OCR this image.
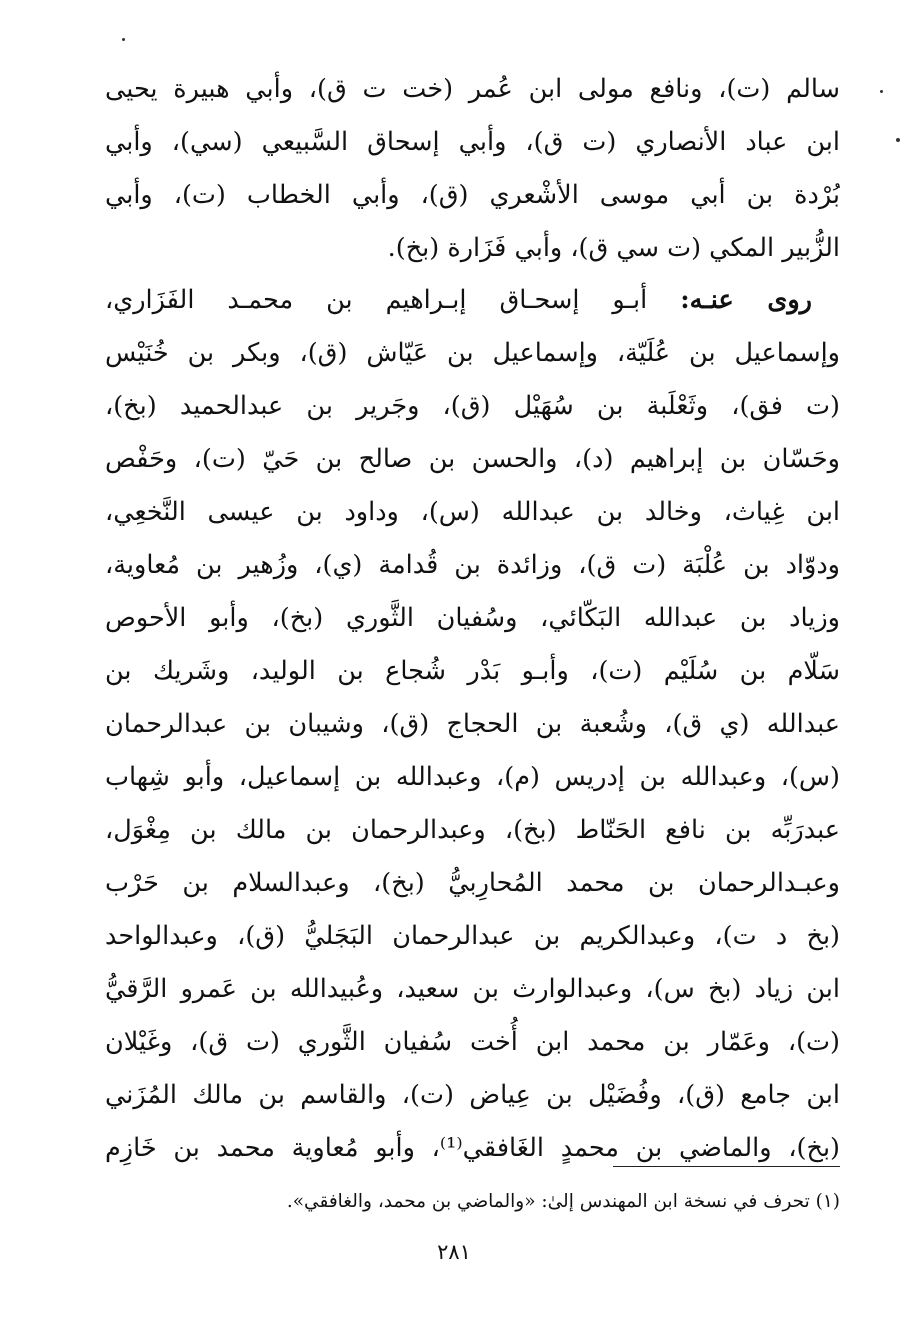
سالم (ت)، ونافع مولى ابن عُمر (خت ت ق)، وأبي هبيرة يحيى
ابن عباد الأنصاري (ت ق)، وأبي إسحاق السَّبيعي (سي)، وأبي
بُرْدة بن أبي موسى الأشْعري (ق)، وأبي الخطاب (ت)، وأبي
الزُّبير المكي (ت سي ق)، وأبي فَزَارة (بخ).
روى عنـه: أبـو إسحـاق إبـراهيم بن محمـد الفَزَاري،
وإسماعيل بن عُلَيّة، وإسماعيل بن عَيّاش (ق)، وبكر بن خُنَيْس
(ت فق)، وثَعْلَبة بن سُهَيْل (ق)، وجَرير بن عبدالحميد (بخ)،
وحَسّان بن إبراهيم (د)، والحسن بن صالح بن حَيّ (ت)، وحَفْص
ابن غِياث، وخالد بن عبدالله (س)، وداود بن عيسى النَّخعِي،
ودوّاد بن عُلْبَة (ت ق)، وزائدة بن قُدامة (ي)، وزُهير بن مُعاوية،
وزياد بن عبدالله البَكّائي، وسُفيان الثَّوري (بخ)، وأبو الأحوص
سَلّام بن سُلَيْم (ت)، وأبـو بَدْر شُجاع بن الوليد، وشَريك بن
عبدالله (ي ق)، وشُعبة بن الحجاج (ق)، وشيبان بن عبدالرحمان
(س)، وعبدالله بن إدريس (م)، وعبدالله بن إسماعيل، وأبو شِهاب
عبدرَبِّه بن نافع الحَنّاط (بخ)، وعبدالرحمان بن مالك بن مِغْوَل،
وعبـدالرحمان بن محمد المُحارِبيُّ (بخ)، وعبدالسلام بن حَرْب
(بخ د ت)، وعبدالكريم بن عبدالرحمان البَجَليُّ (ق)، وعبدالواحد
ابن زياد (بخ س)، وعبدالوارث بن سعيد، وعُبيدالله بن عَمرو الرَّقيُّ
(ت)، وعَمّار بن محمد ابن أُخت سُفيان الثَّوري (ت ق)، وغَيْلان
ابن جامع (ق)، وفُضَيْل بن عِياض (ت)، والقاسم بن مالك المُزَني
(بخ)، والماضي بن محمدٍ الغَافقي⁽¹⁾، وأبو مُعاوية محمد بن خَازِم
(١) تحرف في نسخة ابن المهندس إلىٰ: «والماضي بن محمد، والغافقي».
٢٨١
